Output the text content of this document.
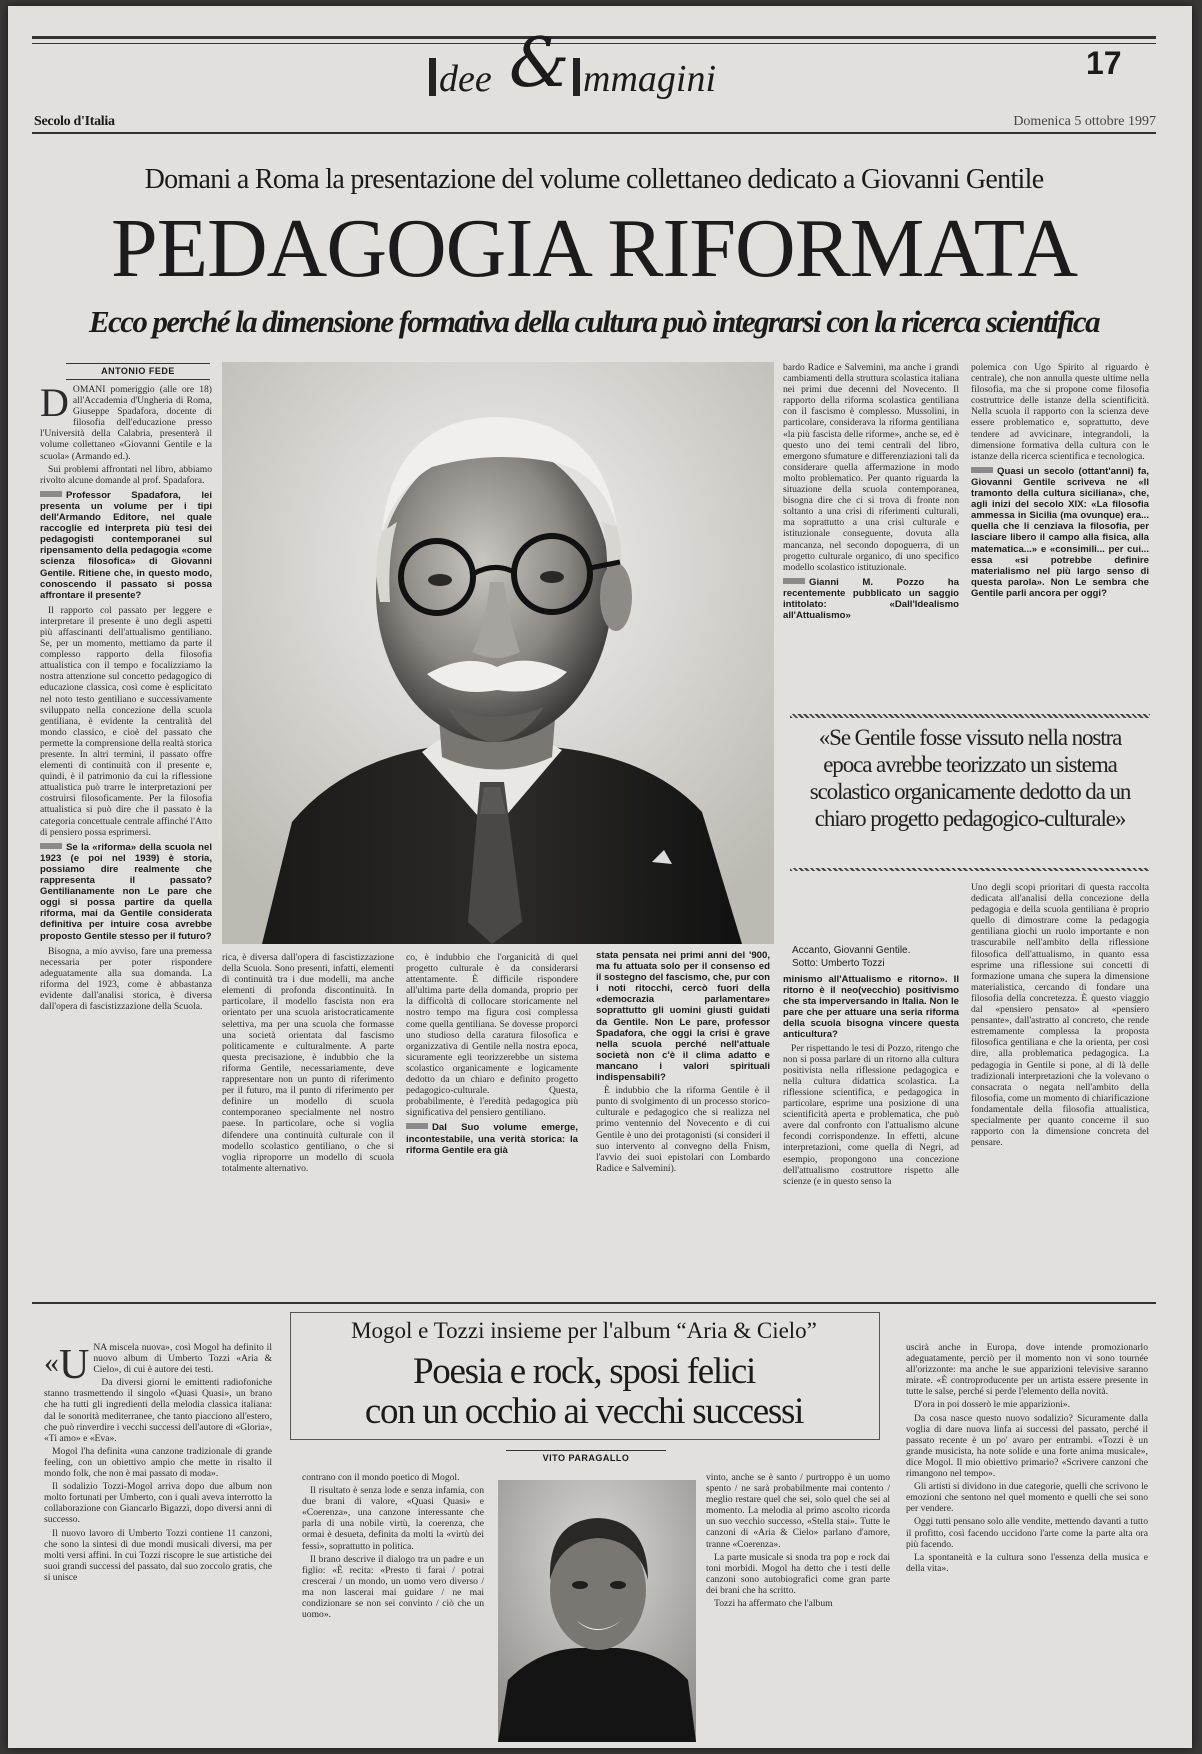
dee & mmagini	17
Secolo d'Italia	Domenica 5 ottobre 1997
Domani a Roma la presentazione del volume collettaneo dedicato a Giovanni Gentile
PEDAGOGIA RIFORMATA
Ecco perché la dimensione formativa della cultura può integrarsi con la ricerca scientifica
ANTONIO FEDE
D OMANI pomeriggio (alle ore 18) all'Accademia d'Ungheria di Roma, Giuseppe Spadafora, docente di filosofia dell'educazione presso l'Università della Calabria, presenterà il volume collettaneo «Giovanni Gentile e la scuola» (Armando ed.).

Sui problemi affrontati nel libro, abbiamo rivolto alcune domande al prof. Spadafora.

Professor Spadafora, lei presenta un volume per i tipi dell'Armando Editore, nel quale raccoglie ed interpreta più tesi dei pedagogisti contemporanei sul ripensamento della pedagogia «come scienza filosofica» di Giovanni Gentile. Ritiene che, in questo modo, conoscendo il passato si possa affrontare il presente?

Il rapporto col passato per leggere e interpretare il presente è uno degli aspetti più affascinanti dell'attualismo gentiliano. Se, per un momento, mettiamo da parte il complesso rapporto della filosofia attualistica con il tempo e focalizziamo la nostra attenzione sul concetto pedagogico di educazione classica, così come è esplicitato nel noto testo gentiliano e successivamente sviluppato nella concezione della scuola gentiliana, è evidente la centralità del mondo classico, e cioè del passato che permette la comprensione della realtà storica presente. In altri termini, il passato offre elementi di continuità con il presente e, quindi, è il patrimonio da cui la riflessione attualistica può trarre le interpretazioni per costruirsi filosoficamente. Per la filosofia attualistica si può dire che il passato è la categoria concettuale centrale affinché l'Atto di pensiero possa esprimersi.

Se la «riforma» della scuola nel 1923 (e poi nel 1939) è storia, possiamo dire realmente che rappresenta il passato? Gentilianamente non Le pare che oggi si possa partire da quella riforma, mai da Gentile considerata definitiva per intuire cosa avrebbe proposto Gentile stesso per il futuro?

Bisogna, a mio avviso, fare una premessa necessaria per poter rispondere adeguatamente alla sua domanda. La riforma del 1923, come è abbastanza evidente dall'analisi storica, è diversa dall'opera di fascistizzazione della Scuola.

rica, è diversa dall'opera di fascistizzazione della Scuola. Sono presenti, infatti, elementi di continuità tra i due modelli, ma anche elementi di profonda discontinuità. In particolare, il modello fascista non era orientato per una scuola aristocraticamente selettiva, ma per una scuola che formasse una società orientata dal fascismo politicamente e culturalmente. A parte questa precisazione, è indubbio che la riforma Gentile, necessariamente, deve rappresentare non un punto di riferimento per il futuro, ma il punto di riferimento per definire un modello di scuola contemporaneo specialmente nel nostro paese. In particolare, oche si voglia difendere una continuità culturale con il modello scolastico gentiliano, o che si voglia riproporre un modello di scuola totalmente alternativo.

co, è indubbio che l'organicità di quel progetto culturale è da considerarsi attentamente. È difficile rispondere all'ultima parte della domanda, proprio per la difficoltà di collocare storicamente nel nostro tempo ma figura così complessa come quella gentiliana. Se dovesse proporci uno studioso della caratura filosofica e organizzativa di Gentile nella nostra epoca, sicuramente egli teorizzerebbe un sistema scolastico organicamente e logicamente dedotto da un chiaro e definito progetto pedagogico-culturale. Questa, probabilmente, è l'eredità pedagogica più significativa del pensiero gentiliano.

Dal Suo volume emerge, incontestabile, una verità storica: la riforma Gentile era già

stata pensata nei primi anni del '900, ma fu attuata solo per il consenso ed il sostegno del fascismo, che, pur con i noti ritocchi, cercò fuori della «democrazia parlamentare» soprattutto gli uomini giusti guidati da Gentile. Non Le pare, professor Spadafora, che oggi la crisi è grave nella scuola perché nell'attuale società non c'è il clima adatto e mancano i valori spirituali indispensabili?

È indubbio che la riforma Gentile è il punto di svolgimento di un processo storico-culturale e pedagogico che si realizza nel primo ventennio del Novecento e di cui Gentile è uno dei protagonisti (si consideri il suo intervento al convegno della Fnism, l'avvio dei suoi epistolari con Lombardo Radice e Salvemini).

bardo Radice e Salvemini, ma anche i grandi cambiamenti della struttura scolastica italiana nei primi due decenni del Novecento. Il rapporto della riforma scolastica gentiliana con il fascismo è complesso. Mussolini, in particolare, considerava la riforma gentiliana «la più fascista delle riforme», anche se, ed è questo uno dei temi centrali del libro, emergono sfumature e differenziazioni tali da considerare quella affermazione in modo molto problematico. Per quanto riguarda la situazione della scuola contemporanea, bisogna dire che ci si trova di fronte non soltanto a una crisi di riferimenti culturali, ma soprattutto a una crisi culturale e istituzionale conseguente, dovuta alla mancanza, nel secondo dopoguerra, di un progetto culturale organico, di uno specifico modello scolastico istituzionale.

Gianni M. Pozzo ha recentemente pubblicato un saggio intitolato: «Dall'Idealismo all'Attualismo»

polemica con Ugo Spirito al riguardo è centrale), che non annulla queste ultime nella filosofia, ma che si propone come filosofia costruttrice delle istanze della scientificità. Nella scuola il rapporto con la scienza deve essere problematico e, soprattutto, deve tendere ad avvicinare, integrandoli, la dimensione formativa della cultura con le istanze della ricerca scientifica e tecnologica.

Quasi un secolo (ottant'anni) fa, Giovanni Gentile scriveva ne «Il tramonto della cultura siciliana», che, agli inizi del secolo XIX: «La filosofia ammessa in Sicilia (ma ovunque) era... quella che li cenziava la filosofia, per lasciare libero il campo alla fisica, alla matematica...» e «consimili... per cui... essa «si potrebbe definire materialismo nel più largo senso di questa parola». Non Le sembra che Gentile parli ancora per oggi?

«Se Gentile fosse vissuto nella nostra epoca avrebbe teorizzato un sistema scolastico organicamente dedotto da un chiaro progetto pedagogico-culturale»
Accanto, Giovanni Gentile.
Sotto: Umberto Tozzi

minismo all'Attualismo e ritorno». Il ritorno è il neo(vecchio) positivismo che sta imperversando in Italia. Non le pare che per attuare una seria riforma della scuola bisogna vincere questa anticultura?

Per rispettando le tesi di Pozzo, ritengo che non si possa parlare di un ritorno alla cultura positivista nella riflessione pedagogica e nella cultura didattica scolastica. La riflessione scientifica, e pedagogica in particolare, esprime una posizione di una scientificità aperta e problematica, che può avere dal confronto con l'attualismo alcune fecondi corrispondenze. In effetti, alcune interpretazioni, come quella di Negri, ad esempio, propongono una concezione dell'attualismo costruttore rispetto alle scienze (e in questo senso la

Uno degli scopi prioritari di questa raccolta dedicata all'analisi della concezione della pedagogia e della scuola gentiliana è proprio quello di dimostrare come la pedagogia gentiliana giochi un ruolo importante e non trascurabile nell'ambito della riflessione filosofica dell'attualismo, in quanto essa esprime una riflessione sui concetti di formazione umana che supera la dimensione materialistica, cercando di fondare una filosofia della concretezza. È questo viaggio dal «pensiero pensato» al «pensiero pensante», dall'astratto al concreto, che rende estremamente complessa la proposta filosofica gentiliana e che la orienta, per così dire, alla problematica pedagogica. La pedagogia in Gentile si pone, al di là delle tradizionali interpretazioni che la volevano o consacrata o negata nell'ambito della filosofia, come un momento di chiarificazione fondamentale della filosofia attualistica, specialmente per quanto concerne il suo rapporto con la dimensione concreta del pensare.

Mogol e Tozzi insieme per l'album “Aria & Cielo”
Poesia e rock, sposi felici
con un occhio ai vecchi successi
VITO PARAGALLO
«U NA miscela nuova», così Mogol ha definito il nuovo album di Umberto Tozzi «Aria & Cielo», di cui è autore dei testi.

Da diversi giorni le emittenti radiofoniche stanno trasmettendo il singolo «Quasi Quasi», un brano che ha tutti gli ingredienti della melodia classica italiana: dal le sonorità mediterranee, che tanto piacciono all'estero, che può rinverdire i vecchi successi dell'autore di «Gloria», «Ti amo» e «Eva».

Mogol l'ha definita «una canzone tradizionale di grande feeling, con un obiettivo ampio che mette in risalto il mondo folk, che non è mai passato di moda».

Il sodalizio Tozzi-Mogol arriva dopo due album non molto fortunati per Umberto, con i quali aveva interrotto la collaborazione con Giancarlo Bigazzi, dopo diversi anni di successo.

Il nuovo lavoro di Umberto Tozzi contiene 11 canzoni, che sono la sintesi di due mondi musicali diversi, ma per molti versi affini. In cui Tozzi riscopre le sue artistiche dei suoi grandi successi del passato, dal suo zoccolo gratis, che si unisce

contrano con il mondo poetico di Mogol.

Il risultato è senza lode e senza infamia, con due brani di valore, «Quasi Quasi» e «Coerenza», una canzone interessante che parla di una nobile virtù, la coerenza, che ormai è desueta, definita da molti la «virtù dei fessi», soprattutto in politica.

Il brano descrive il dialogo tra un padre e un figlio: «È recita: «Presto ti farai / potrai crescerai / un mondo, un uomo vero diverso / ma non lascerai mai guidare / ne mai condizionare se non sei convinto / ciò che un uomo».

vinto, anche se è santo / purtroppo è un uomo spento / ne sarà probabilmente mai contento / meglio restare quel che sei, solo quel che sei al momento. La melodia al primo ascolto ricorda un suo vecchio successo, «Stella stai». Tutte le canzoni di «Aria & Cielo» parlano d'amore, tranne «Coerenza».

La parte musicale si snoda tra pop e rock dai toni morbidi. Mogol ha detto che i testi delle canzoni sono autobiografici come gran parte dei brani che ha scritto.

Tozzi ha affermato che l'album

uscirà anche in Europa, dove intende promozionarlo adeguatamente, perciò per il momento non vi sono tournée all'orizzonte: ma anche le sue apparizioni televisive saranno mirate. «È controproducente per un artista essere presente in tutte le salse, perché si perde l'elemento della novità.

D'ora in poi dosserò le mie apparizioni».

Da cosa nasce questo nuovo sodalizio? Sicuramente dalla voglia di dare nuova linfa ai successi del passato, perché il passato recente è un po' avaro per entrambi. «Tozzi è un grande musicista, ha note solide e una forte anima musicale», dice Mogol. Il mio obiettivo primario? «Scrivere canzoni che rimangono nel tempo».

Gli artisti si dividono in due categorie, quelli che scrivono le emozioni che sentono nel quel momento e quelli che sei sono per vendere.

Oggi tutti pensano solo alle vendite, mettendo davanti a tutto il profitto, così facendo uccidono l'arte come la parte alta ora più facendo.

La spontaneità e la cultura sono l'essenza della musica e della vita».
